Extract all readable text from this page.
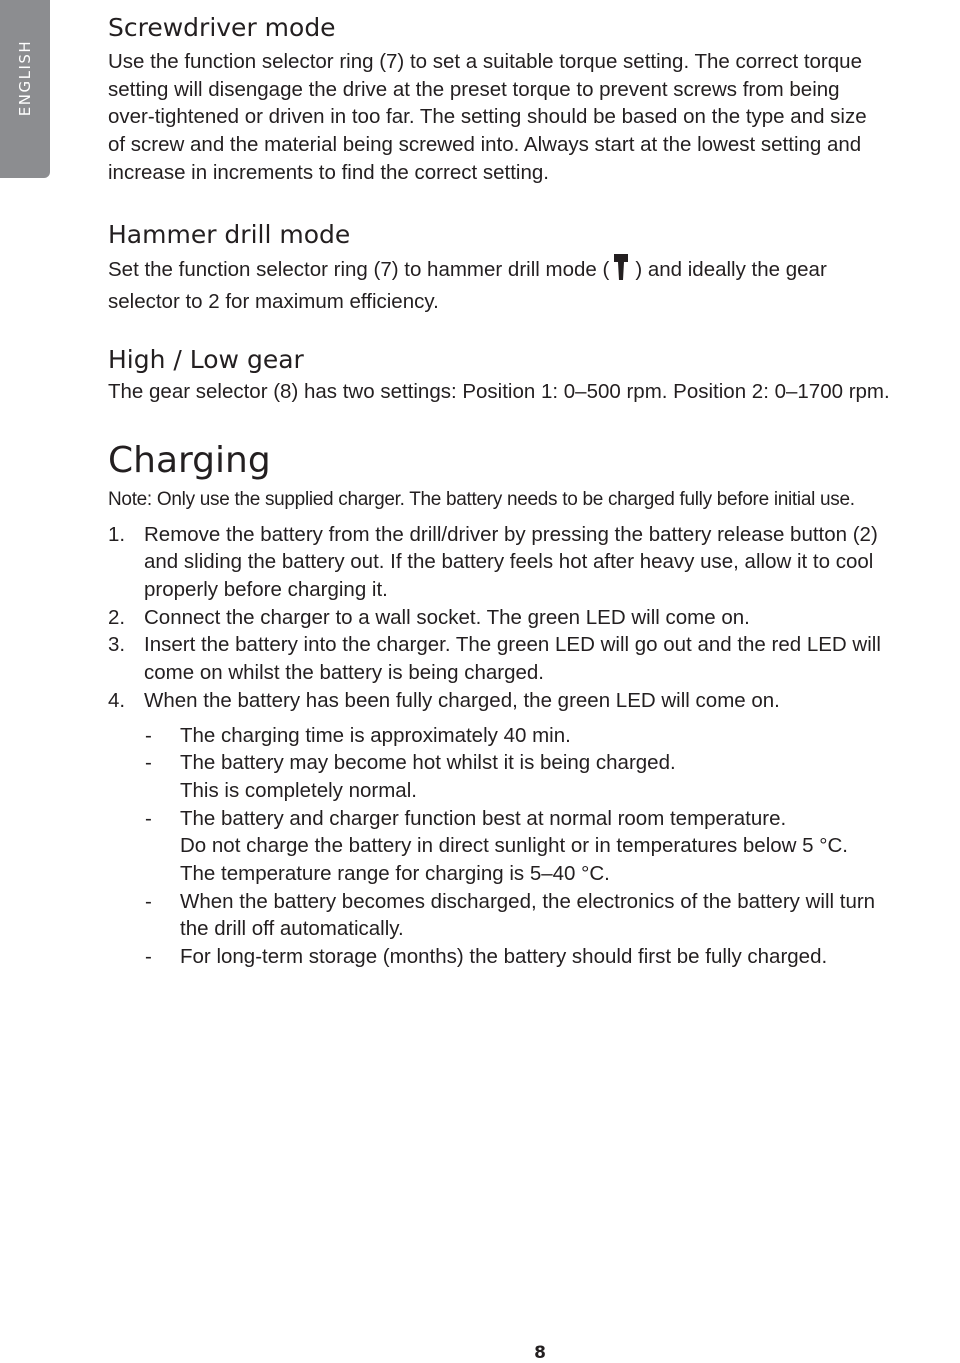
ENGLISH
Screwdriver mode

Use the function selector ring (7) to set a suitable torque setting. The correct torque
setting will disengage the drive at the preset torque to prevent screws from being
over-tightened or driven in too far. The setting should be based on the type and size
of screw and the material being screwed into. Always start at the lowest setting and
increase in increments to find the correct setting.

Hammer drill mode

Set the function selector ring (7) to hammer drill mode ( ) and ideally the gear
selector to 2 for maximum efficiency.

High / Low gear

The gear selector (8) has two settings: Position 1: 0–500 rpm. Position 2: 0–1700 rpm.

Charging

Note: Only use the supplied charger. The battery needs to be charged fully before initial use.

1. Remove the battery from the drill/driver by pressing the battery release button (2)
and sliding the battery out. If the battery feels hot after heavy use, allow it to cool
properly before charging it.
2. Connect the charger to a wall socket. The green LED will come on.
3. Insert the battery into the charger. The green LED will go out and the red LED will
come on whilst the battery is being charged.
4. When the battery has been fully charged, the green LED will come on.
- The charging time is approximately 40 min.
- The battery may become hot whilst it is being charged.
This is completely normal.
- The battery and charger function best at normal room temperature.
Do not charge the battery in direct sunlight or in temperatures below 5 °C.
The temperature range for charging is 5–40 °C.
- When the battery becomes discharged, the electronics of the battery will turn
the drill off automatically.
- For long-term storage (months) the battery should first be fully charged.
8
